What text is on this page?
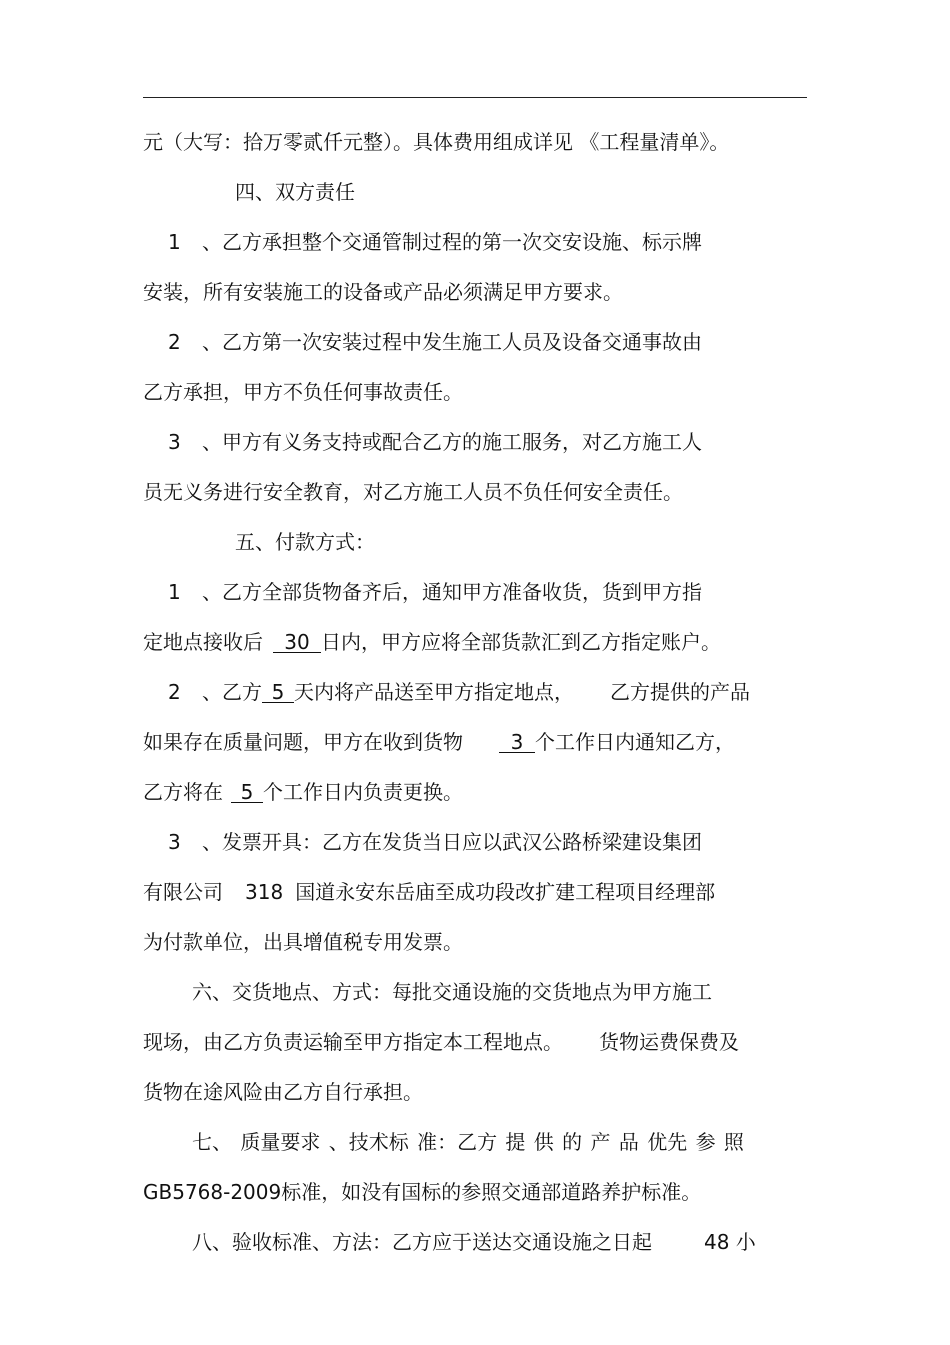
元（大写：拾万零贰仟元整）。具体费用组成详见 《工程量清单》。
四、双方责任
1 、乙方承担整个交通管制过程的第一次交安设施、标示牌
安装，所有安装施工的设备或产品必须满足甲方要求。
2 、乙方第一次安装过程中发生施工人员及设备交通事故由
乙方承担，甲方不负任何事故责任。
3 、甲方有义务支持或配合乙方的施工服务，对乙方施工人
员无义务进行安全教育，对乙方施工人员不负任何安全责任。
五、付款方式：
1 、乙方全部货物备齐后，通知甲方准备收货，货到甲方指
定地点接收后 30 日内，甲方应将全部货款汇到乙方指定账户。
2 、乙方 5 天内将产品送至甲方指定地点， 乙方提供的产品
如果存在质量问题，甲方在收到货物 3 个工作日内通知乙方，
乙方将在 5 个工作日内负责更换。
3 、发票开具：乙方在发货当日应以武汉公路桥梁建设集团
有限公司 318 国道永安东岳庙至成功段改扩建工程项目经理部
为付款单位，出具增值税专用发票。
六、交货地点、方式：每批交通设施的交货地点为甲方施工
现场，由乙方负责运输至甲方指定本工程地点。 货物运费保费及
货物在途风险由乙方自行承担。
七、 质量要求 、技术标 准：乙方 提 供 的 产 品 优先 参 照
GB5768-2009标准，如没有国标的参照交通部道路养护标准。
八、验收标准、方法：乙方应于送达交通设施之日起	48 小
